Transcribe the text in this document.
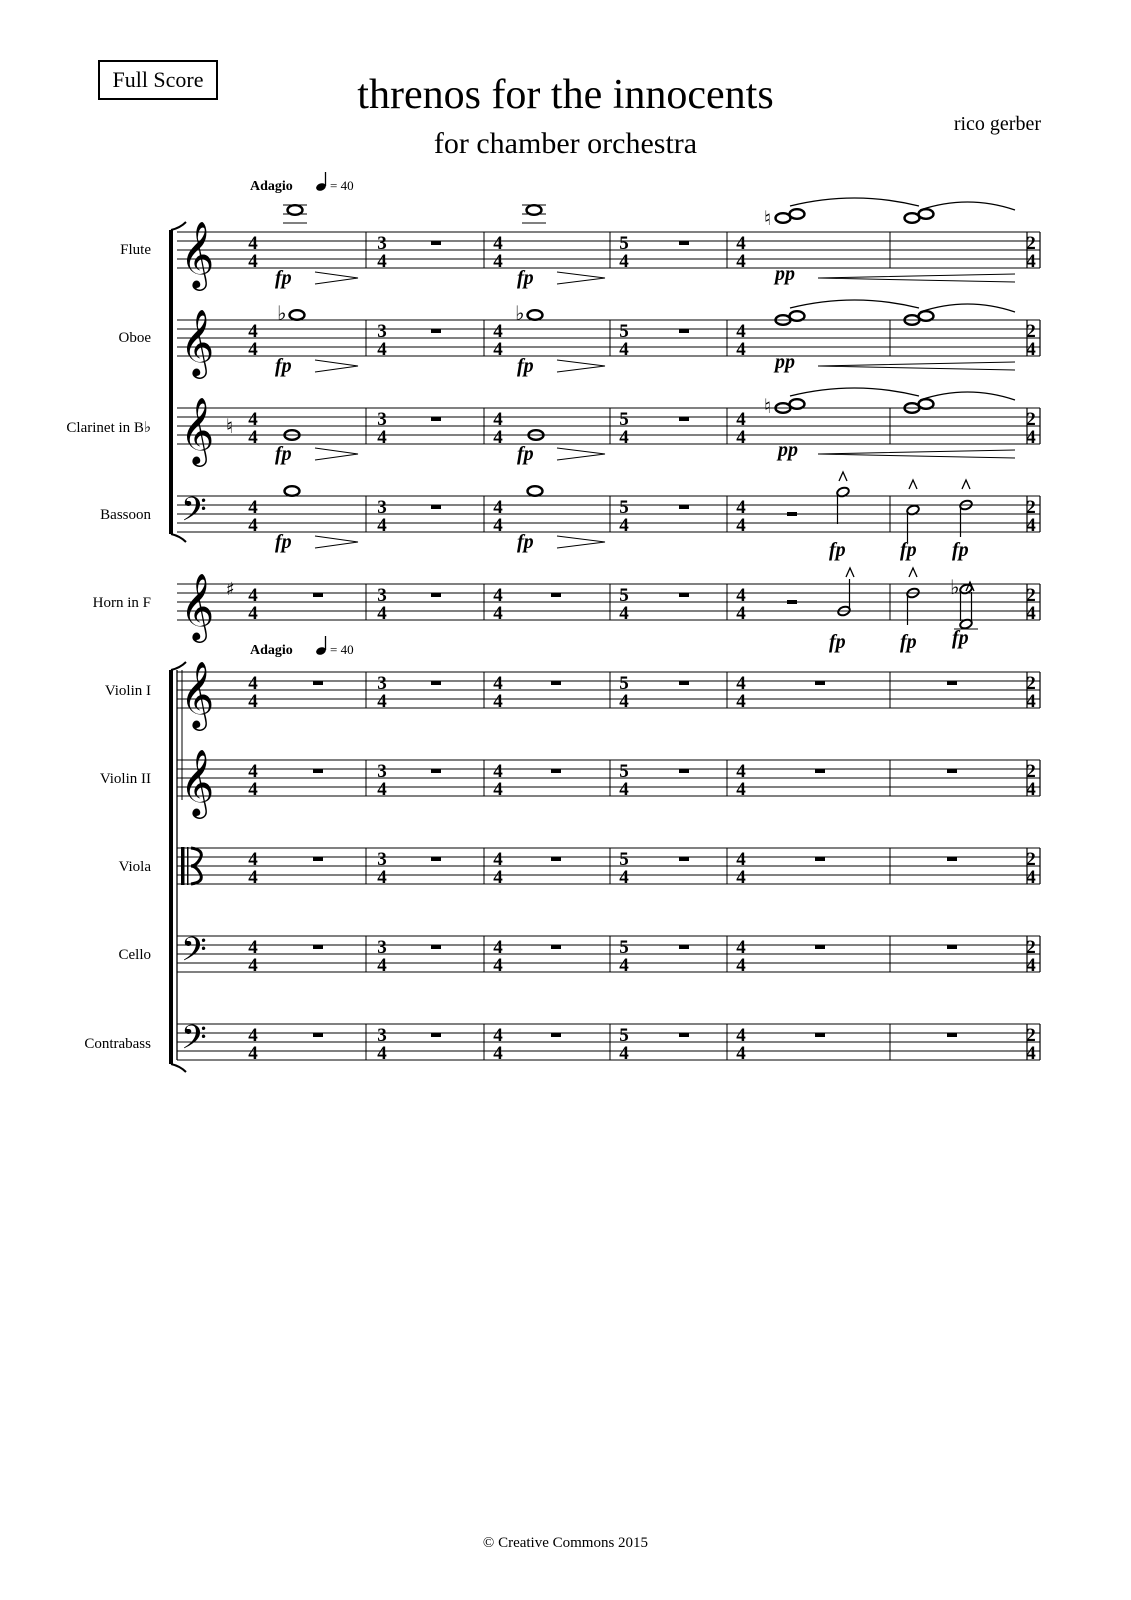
Full Score	threnos for the innocents
for chamber orchestra
rico gerber
Flute
Oboe
Clarinet in B♭
Bassoon
Horn in F
Violin I
Violin II
Viola
Cello
Contrabass
Adagio	= 40
Adagio	= 40
𝄞 4
4
3
4
4
4
5
4
4
4
2
4
𝄞 4
4
3
4
4
4
5
4
4
4
2
4
𝄞 4
4
3
4
4
4
5
4
4
4
2
4
𝄢 4
4
3
4
4
4
5
4
4
4
2
4
𝄞 4
4
3
4
4
4
5
4
4
4
2
4
𝄞 4
4
3
4
4
4
5
4
4
4
2
4
𝄞 4
4
3
4
4
4
5
4
4
4
2
4
4
4
3
4
4
4
5
4
4
4
2
4
𝄢 4
4
3
4
4
4
5
4
4
4
2
4
𝄢 4
4
3
4
4
4
5
4
4
4
2
4
fp	fp
♮
pp
♭	♭
fp	fp	pp
♮
fp	fp
♮
pp
fp	fp	fp	fp fp
♯	♭
fp	fp fp
© Creative Commons 2015
